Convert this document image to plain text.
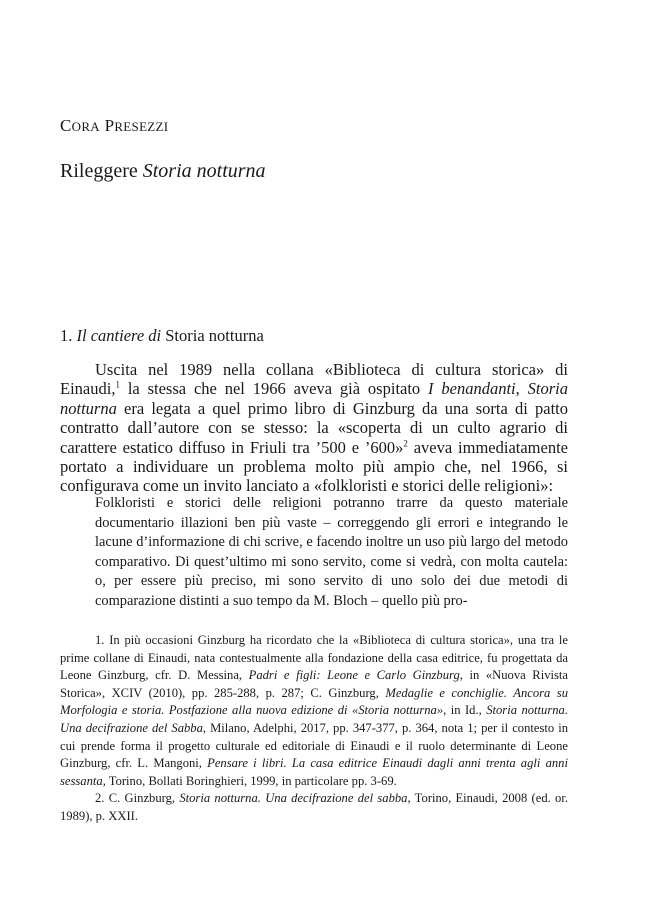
CORA PRESEZZI
Rileggere Storia notturna
1. Il cantiere di Storia notturna

Uscita nel 1989 nella collana «Biblioteca di cultura storica» di Einaudi,$^1$ la stessa che nel 1966 aveva già ospitato I benandanti, Storia notturna era legata a quel primo libro di Ginzburg da una sorta di patto contratto dall’autore con se stesso: la «scoperta di un culto agrario di carattere estatico diffuso in Friuli tra ’500 e ’600»$^2$ aveva immediatamente portato a individuare un problema molto più ampio che, nel 1966, si configurava come un invito lanciato a «folkloristi e storici delle religioni»:

Folkloristi e storici delle religioni potranno trarre da questo materiale documentario illazioni ben più vaste – correggendo gli errori e integrando le lacune d’informazione di chi scrive, e facendo inoltre un uso più largo del metodo comparativo. Di quest’ultimo mi sono servito, come si vedrà, con molta cautela: o, per essere più preciso, mi sono servito di uno solo dei due metodi di comparazione distinti a suo tempo da M. Bloch – quello più pro-

1. In più occasioni Ginzburg ha ricordato che la «Biblioteca di cultura storica», una tra le prime collane di Einaudi, nata contestualmente alla fondazione della casa editrice, fu progettata da Leone Ginzburg, cfr. D. Messina, Padri e figli: Leone e Carlo Ginzburg, in «Nuova Rivista Storica», XCIV (2010), pp. 285-288, p. 287; C. Ginzburg, Medaglie e conchiglie. Ancora su Morfologia e storia. Postfazione alla nuova edizione di «Storia notturna», in Id., Storia notturna. Una decifrazione del Sabba, Milano, Adelphi, 2017, pp. 347-377, p. 364, nota 1; per il contesto in cui prende forma il progetto culturale ed editoriale di Einaudi e il ruolo determinante di Leone Ginzburg, cfr. L. Mangoni, Pensare i libri. La casa editrice Einaudi dagli anni trenta agli anni sessanta, Torino, Bollati Boringhieri, 1999, in particolare pp. 3-69.

2. C. Ginzburg, Storia notturna. Una decifrazione del sabba, Torino, Einaudi, 2008 (ed. or. 1989), p. XXII.
